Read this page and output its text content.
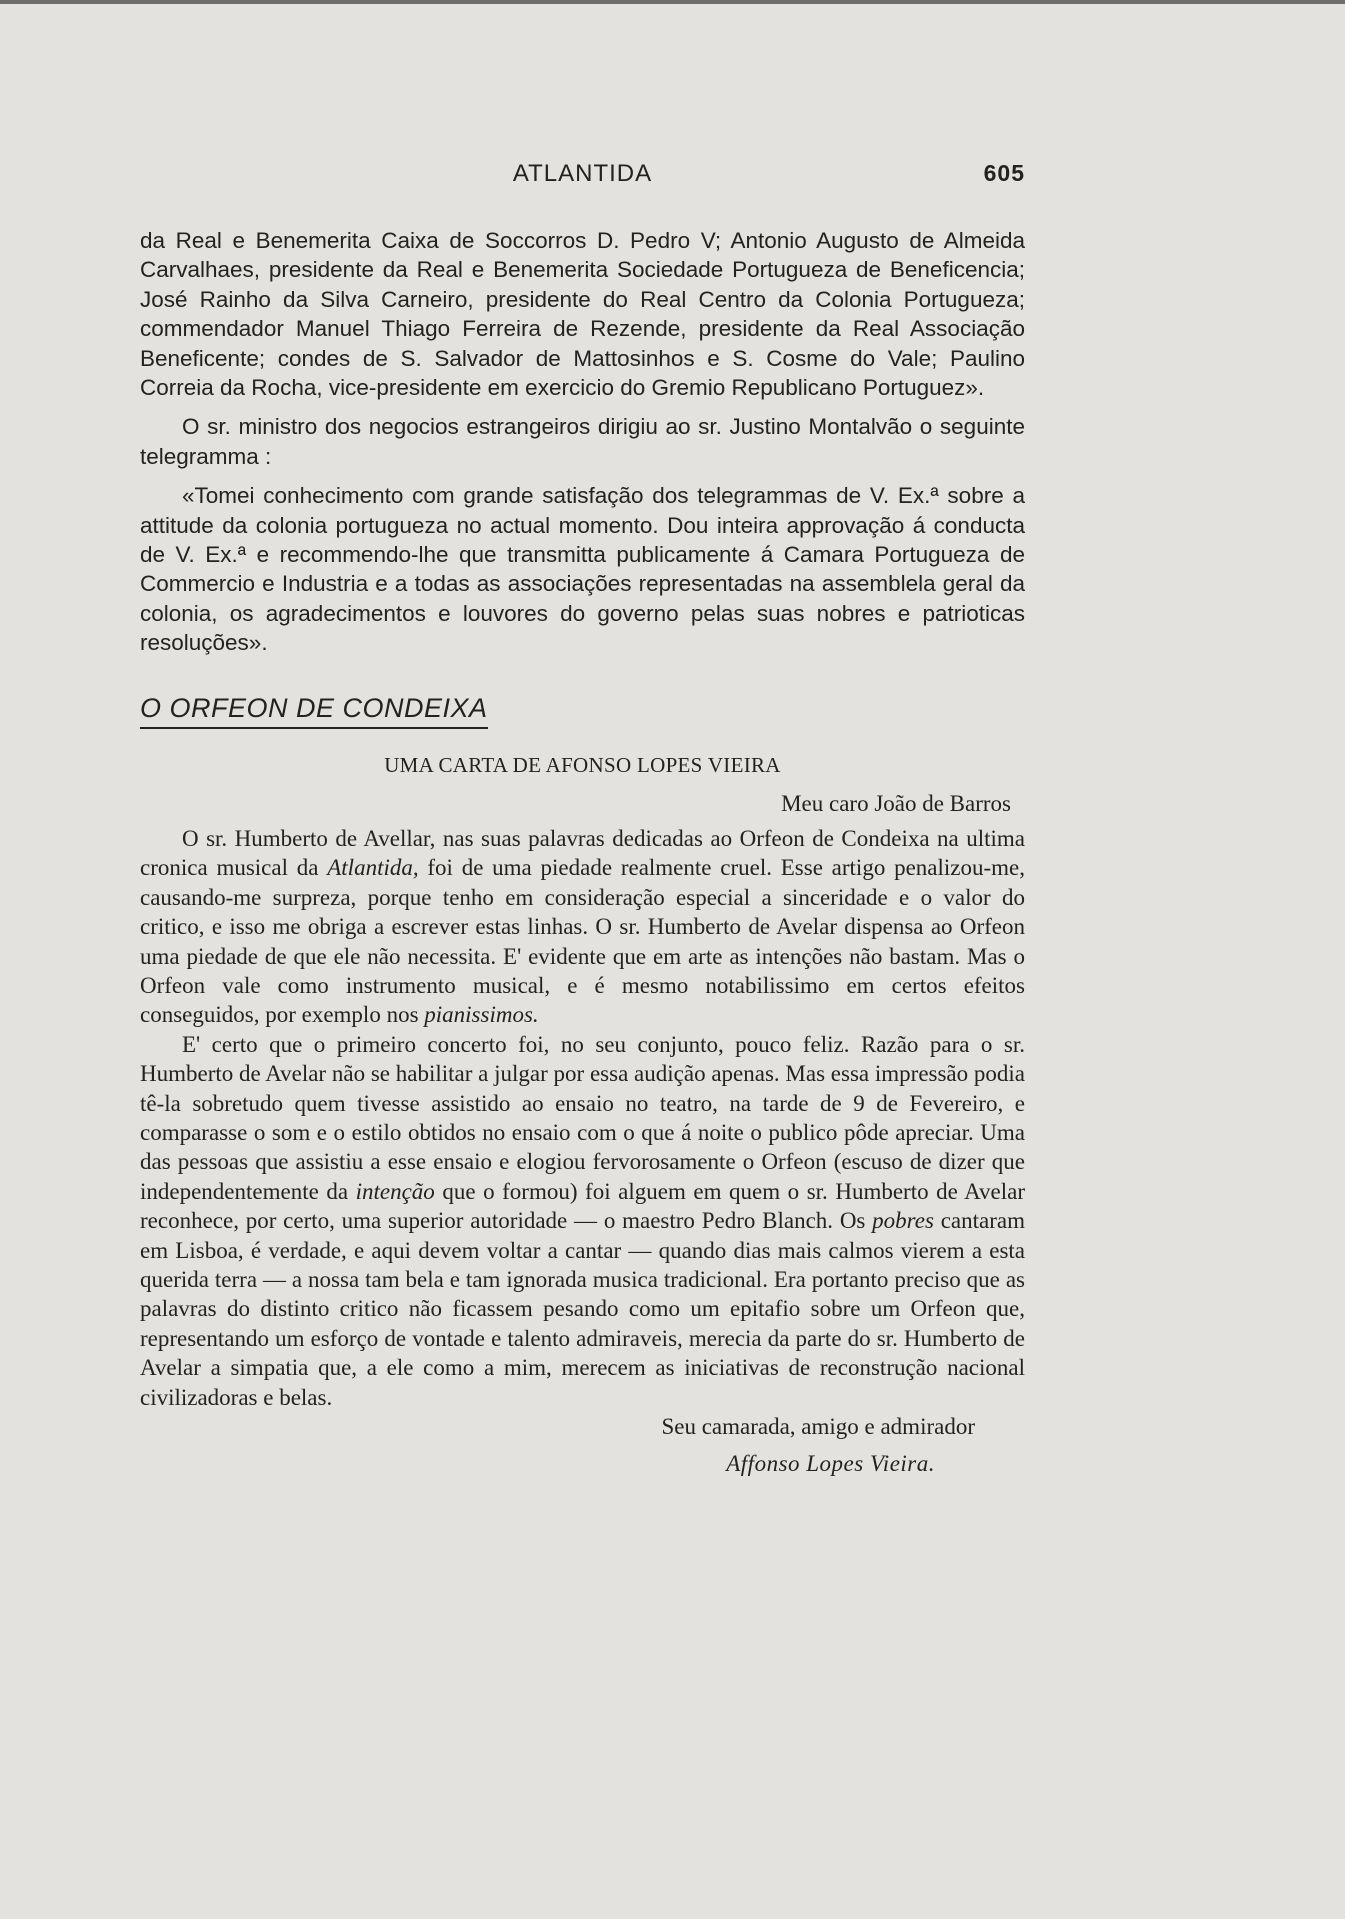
ATLANTIDA	605

da Real e Benemerita Caixa de Soccorros D. Pedro V; Antonio Augusto de Almeida Carvalhaes, presidente da Real e Benemerita Sociedade Portugueza de Beneficencia; José Rainho da Silva Carneiro, presidente do Real Centro da Colonia Portugueza; commendador Manuel Thiago Ferreira de Rezende, presidente da Real Associação Beneficente; condes de S. Salvador de Mattosinhos e S. Cosme do Vale; Paulino Correia da Rocha, vice-presidente em exercicio do Gremio Republicano Portuguez».

O sr. ministro dos negocios estrangeiros dirigiu ao sr. Justino Montalvão o seguinte telegramma :

«Tomei conhecimento com grande satisfação dos telegrammas de V. Ex.ª sobre a attitude da colonia portugueza no actual momento. Dou inteira approvação á conducta de V. Ex.ª e recommendo-lhe que transmitta publicamente á Camara Portugueza de Commercio e Industria e a todas as associações representadas na assemblela geral da colonia, os agradecimentos e louvores do governo pelas suas nobres e patrioticas resoluções».

O ORFEON DE CONDEIXA
UMA CARTA DE AFONSO LOPES VIEIRA
Meu caro João de Barros

O sr. Humberto de Avellar, nas suas palavras dedicadas ao Orfeon de Condeixa na ultima cronica musical da Atlantida, foi de uma piedade realmente cruel. Esse artigo penalizou-me, causando-me surpreza, porque tenho em consideração especial a sinceridade e o valor do critico, e isso me obriga a escrever estas linhas. O sr. Humberto de Avelar dispensa ao Orfeon uma piedade de que ele não necessita. E' evidente que em arte as intenções não bastam. Mas o Orfeon vale como instrumento musical, e é mesmo notabilissimo em certos efeitos conseguidos, por exemplo nos pianissimos.

E' certo que o primeiro concerto foi, no seu conjunto, pouco feliz. Razão para o sr. Humberto de Avelar não se habilitar a julgar por essa audição apenas. Mas essa impressão podia tê-la sobretudo quem tivesse assistido ao ensaio no teatro, na tarde de 9 de Fevereiro, e comparasse o som e o estilo obtidos no ensaio com o que á noite o publico pôde apreciar. Uma das pessoas que assistiu a esse ensaio e elogiou fervorosamente o Orfeon (escuso de dizer que independentemente da intenção que o formou) foi alguem em quem o sr. Humberto de Avelar reconhece, por certo, uma superior autoridade — o maestro Pedro Blanch. Os pobres cantaram em Lisboa, é verdade, e aqui devem voltar a cantar — quando dias mais calmos vierem a esta querida terra — a nossa tam bela e tam ignorada musica tradicional. Era portanto preciso que as palavras do distinto critico não ficassem pesando como um epitafio sobre um Orfeon que, representando um esforço de vontade e talento admiraveis, merecia da parte do sr. Humberto de Avelar a simpatia que, a ele como a mim, merecem as iniciativas de reconstrução nacional civilizadoras e belas.

Seu camarada, amigo e admirador
Affonso Lopes Vieira.
